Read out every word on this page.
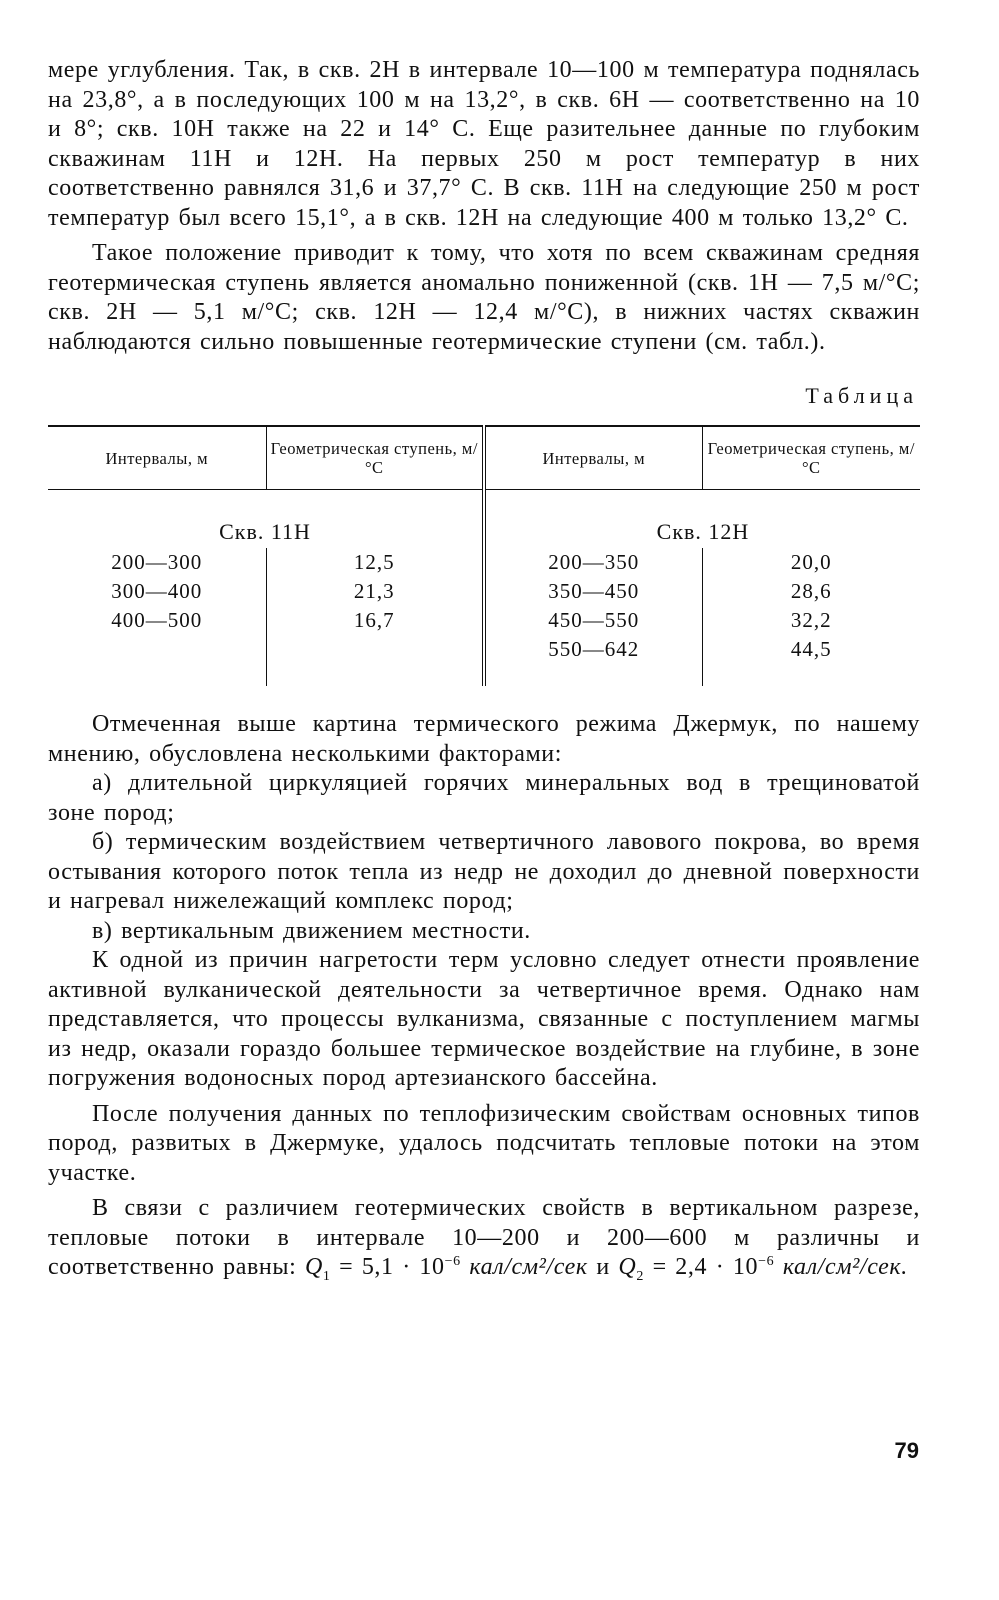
мере углубления. Так, в скв. 2Н в интервале 10—100 м температура поднялась на 23,8°, а в последующих 100 м на 13,2°, в скв. 6Н — соответственно на 10 и 8°; скв. 10Н также на 22 и 14° С. Еще разительнее данные по глубоким скважинам 11Н и 12Н. На первых 250 м рост температур в них соответственно равнялся 31,6 и 37,7° С. В скв. 11Н на следующие 250 м рост температур был всего 15,1°, а в скв. 12Н на следующие 400 м только 13,2° С.

Такое положение приводит к тому, что хотя по всем скважинам средняя геотермическая ступень является аномально пониженной (скв. 1Н — 7,5 м/°С; скв. 2Н — 5,1 м/°С; скв. 12Н — 12,4 м/°С), в нижних частях скважин наблюдаются сильно повышенные геотермические ступени (см. табл.).

Таблица
Интервалы, м	Геометрическая ступень, м/°С	Интервалы, м	Геометрическая ступень, м/°С
Скв. 11Н		Скв. 12Н	
200—300	12,5	200—350	20,0
300—400	21,3	350—450	28,6
400—500	16,7	450—550	32,2
		550—642	44,5

Отмеченная выше картина термического режима Джермук, по нашему мнению, обусловлена несколькими факторами:

а) длительной циркуляцией горячих минеральных вод в трещиноватой зоне пород;

б) термическим воздействием четвертичного лавового покрова, во время остывания которого поток тепла из недр не доходил до дневной поверхности и нагревал нижележащий комплекс пород;

в) вертикальным движением местности.

К одной из причин нагретости терм условно следует отнести проявление активной вулканической деятельности за четвертичное время. Однако нам представляется, что процессы вулканизма, связанные с поступлением магмы из недр, оказали гораздо большее термическое воздействие на глубине, в зоне погружения водоносных пород артезианского бассейна.

После получения данных по теплофизическим свойствам основных типов пород, развитых в Джермуке, удалось подсчитать тепловые потоки на этом участке.

В связи с различием геотермических свойств в вертикальном разрезе, тепловые потоки в интервале 10—200 и 200—600 м различны и соответственно равны: $Q_1 = 5,1 \cdot 10^{-6}$ кал/см²/сек и $Q_2 = 2,4 \cdot 10^{-6}$ кал/см²/сек.

79
